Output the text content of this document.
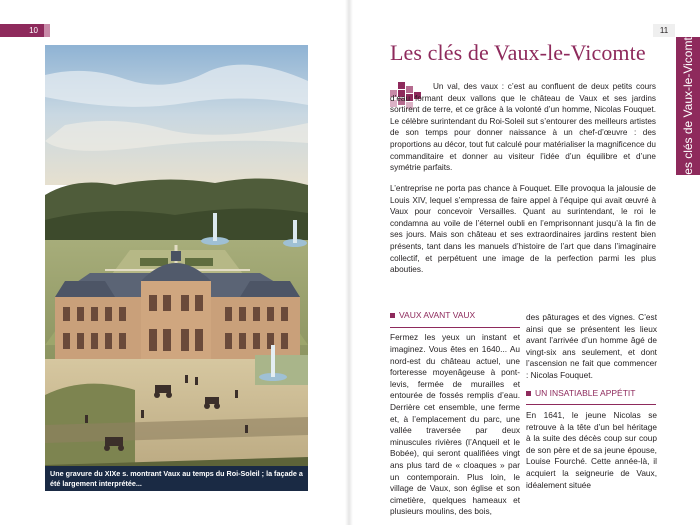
10
Une gravure du XIXe s. montrant Vaux au temps du Roi-Soleil ; la façade a été largement interprétée...
11
Les clés de Vaux-le-Vicomte
Les clés de Vaux-le-Vicomte

Un val, des vaux : c’est au confluent de deux petits cours d’eau formant deux vallons que le château de Vaux et ses jardins sortirent de terre, et ce grâce à la volonté d’un homme, Nicolas Fouquet. Le célèbre surintendant du Roi-Soleil sut s’entourer des meilleurs artistes de son temps pour donner naissance à un chef-d’œuvre : des proportions au décor, tout fut calculé pour matérialiser la magnificence du commanditaire et donner au visiteur l’idée d’un équilibre et d’une symétrie parfaits.

L’entreprise ne porta pas chance à Fouquet. Elle provoqua la jalousie de Louis XIV, lequel s’empressa de faire appel à l’équipe qui avait œuvré à Vaux pour concevoir Versailles. Quant au surintendant, le roi le condamna au voile de l’éternel oubli en l’emprisonnant jusqu’à la fin de ses jours. Mais son château et ses extraordinaires jardins restent bien présents, tant dans les manuels d’histoire de l’art que dans l’imaginaire collectif, et perpétuent une image de la perfection parmi les plus abouties.

VAUX AVANT VAUX

Fermez les yeux un instant et imaginez. Vous êtes en 1640... Au nord-est du château actuel, une forteresse moyenâgeuse à pont-levis, fermée de murailles et entourée de fossés remplis d’eau. Derrière cet ensemble, une ferme et, à l’emplacement du parc, une vallée traversée par deux minuscules rivières (l’Anqueil et le Bobée), qui seront qualifiées vingt ans plus tard de « cloaques » par un contemporain. Plus loin, le village de Vaux, son église et son cimetière, quelques hameaux et plusieurs moulins, des bois,

des pâturages et des vignes. C’est ainsi que se présentent les lieux avant l’arrivée d’un homme âgé de vingt-six ans seulement, et dont l’ascension ne fait que commencer : Nicolas Fouquet.

UN INSATIABLE APPÉTIT

En 1641, le jeune Nicolas se retrouve à la tête d’un bel héritage à la suite des décès coup sur coup de son père et de sa jeune épouse, Louise Fourché. Cette année-là, il acquiert la seigneurie de Vaux, idéalement située
